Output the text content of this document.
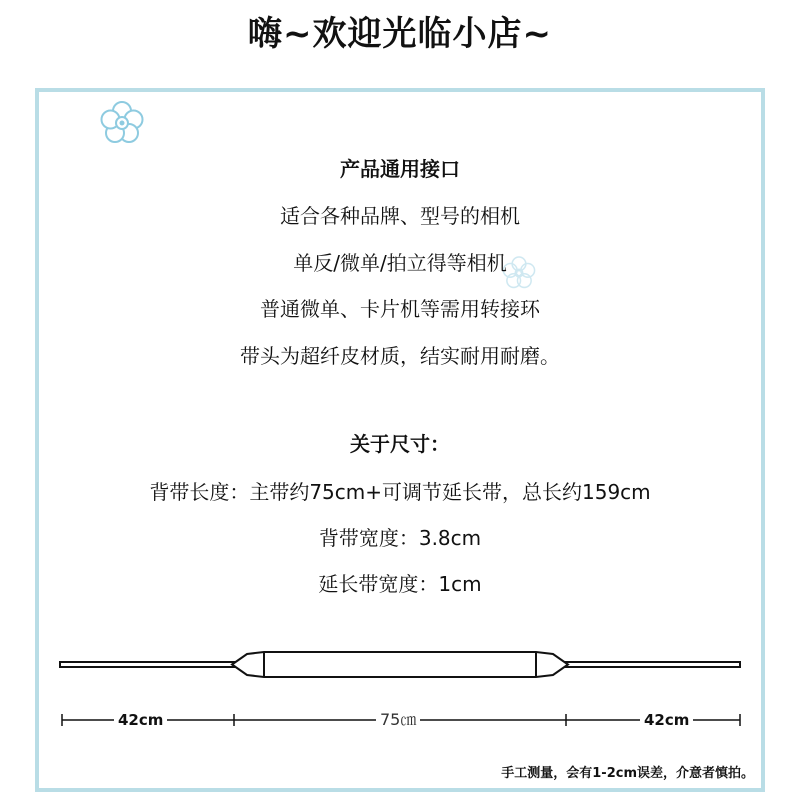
嗨~欢迎光临小店~
产品通用接口
适合各种品牌、型号的相机
单反/微单/拍立得等相机
普通微单、卡片机等需用转接环
带头为超纤皮材质，结实耐用耐磨。
关于尺寸：
背带长度：主带约75cm+可调节延长带，总长约159cm
背带宽度：3.8cm
延长带宽度：1cm
42cm	75㎝	42cm
手工测量，会有1-2cm误差，介意者慎拍。
